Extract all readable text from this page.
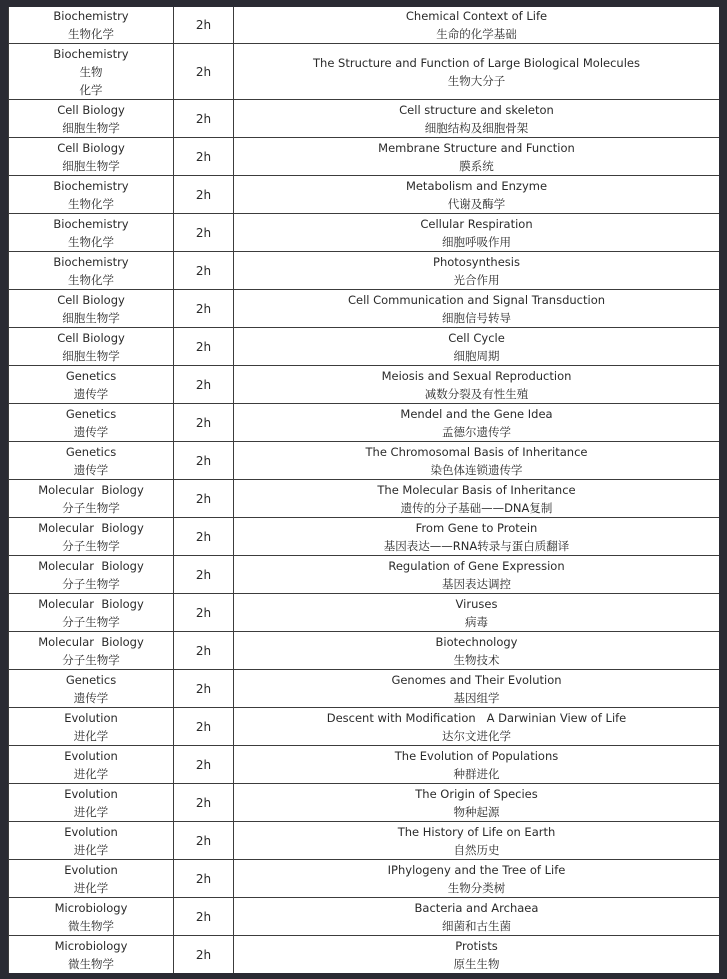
Biochemistry
生物化学	2h	Chemical Context of Life
生命的化学基础

Biochemistry
生物
化学	2h	The Structure and Function of Large Biological Molecules
生物大分子

Cell Biology
细胞生物学	2h	Cell structure and skeleton
细胞结构及细胞骨架

Cell Biology
细胞生物学	2h	Membrane Structure and Function
膜系统

Biochemistry
生物化学	2h	Metabolism and Enzyme
代谢及酶学

Biochemistry
生物化学	2h	Cellular Respiration
细胞呼吸作用

Biochemistry
生物化学	2h	Photosynthesis
光合作用

Cell Biology
细胞生物学	2h	Cell Communication and Signal Transduction
细胞信号转导

Cell Biology
细胞生物学	2h	Cell Cycle
细胞周期

Genetics
遗传学	2h	Meiosis and Sexual Reproduction
减数分裂及有性生殖

Genetics
遗传学	2h	Mendel and the Gene Idea
孟德尔遗传学

Genetics
遗传学	2h	The Chromosomal Basis of Inheritance
染色体连锁遗传学

Molecular  Biology
分子生物学	2h	The Molecular Basis of Inheritance
遗传的分子基础——DNA复制

Molecular  Biology
分子生物学	2h	From Gene to Protein
基因表达——RNA转录与蛋白质翻译

Molecular  Biology
分子生物学	2h	Regulation of Gene Expression
基因表达调控

Molecular  Biology
分子生物学	2h	Viruses
病毒

Molecular  Biology
分子生物学	2h	Biotechnology
生物技术

Genetics
遗传学	2h	Genomes and Their Evolution
基因组学

Evolution
进化学	2h	Descent with Modification   A Darwinian View of Life
达尔文进化学

Evolution
进化学	2h	The Evolution of Populations
种群进化

Evolution
进化学	2h	The Origin of Species
物种起源

Evolution
进化学	2h	The History of Life on Earth
自然历史

Evolution
进化学	2h	IPhylogeny and the Tree of Life
生物分类树

Microbiology
微生物学	2h	Bacteria and Archaea
细菌和古生菌

Microbiology
微生物学	2h	Protists
原生生物
